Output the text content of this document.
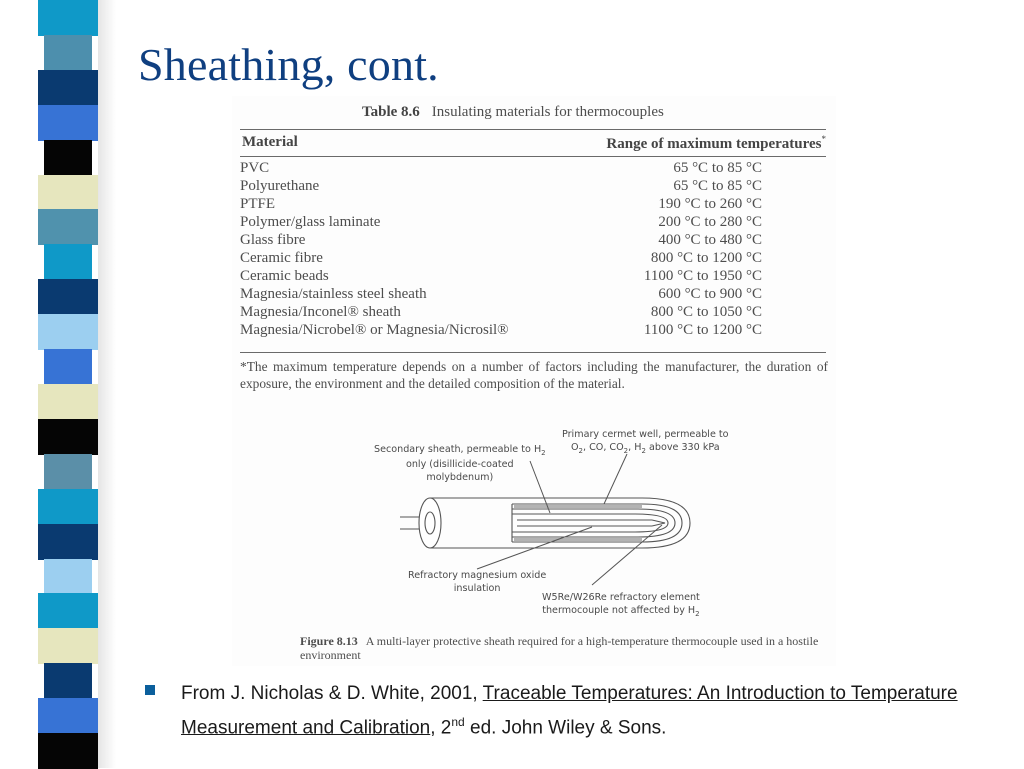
Sheathing, cont.
Table 8.6 Insulating materials for thermocouples
Material	Range of maximum temperatures*
PVC	65 °C to 85 °C
Polyurethane	65 °C to 85 °C
PTFE	190 °C to 260 °C
Polymer/glass laminate	200 °C to 280 °C
Glass fibre	400 °C to 480 °C
Ceramic fibre	800 °C to 1200 °C
Ceramic beads	1100 °C to 1950 °C
Magnesia/stainless steel sheath	600 °C to 900 °C
Magnesia/Inconel® sheath	800 °C to 1050 °C
Magnesia/Nicrobel® or Magnesia/Nicrosil®	1100 °C to 1200 °C
*The maximum temperature depends on a number of factors including the manufacturer, the duration of exposure, the environment and the detailed composition of the material.
Primary cermet well, permeable to
$O_2$, CO, $CO_2$, $H_2$ above 330 kPa
Secondary sheath, permeable to $H_2$
only (disillicide-coated
molybdenum)
Refractory magnesium oxide
insulation
W5Re/W26Re refractory element
thermocouple not affected by $H_2$
Figure 8.13 A multi-layer protective sheath required for a high-temperature thermocouple used in a hostile environment
From J. Nicholas & D. White, 2001, Traceable Temperatures: An Introduction to Temperature Measurement and Calibration, 2nd ed. John Wiley & Sons.
